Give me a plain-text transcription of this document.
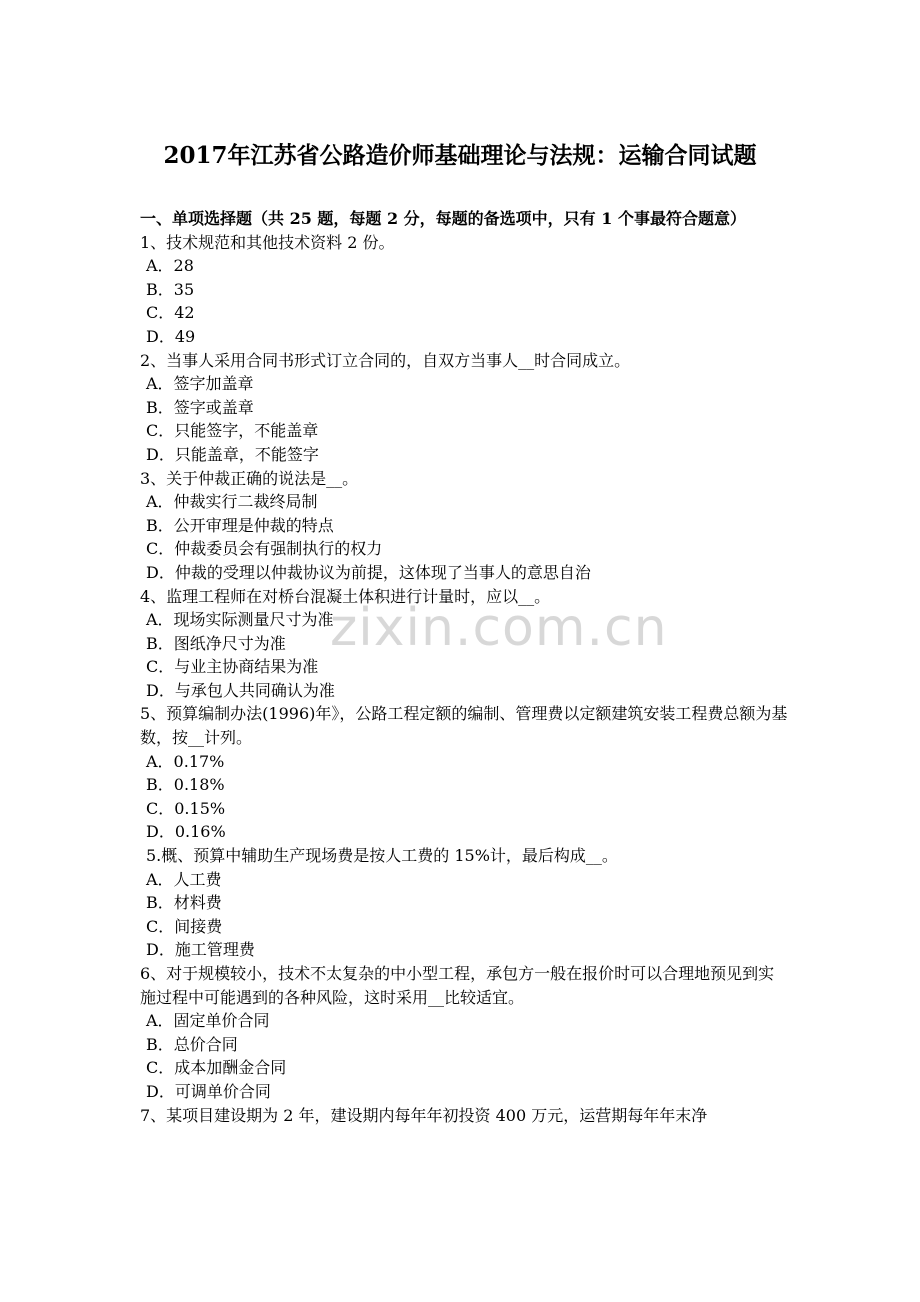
zixin.com.cn
2017年江苏省公路造价师基础理论与法规：运输合同试题
一、单项选择题（共 25 题，每题 2 分，每题的备选项中，只有 1 个事最符合题意）
1、技术规范和其他技术资料 2 份。
A．28
B．35
C．42
D．49
2、当事人采用合同书形式订立合同的，自双方当事人__时合同成立。
A．签字加盖章
B．签字或盖章
C．只能签字，不能盖章
D．只能盖章，不能签字
3、关于仲裁正确的说法是__。
A．仲裁实行二裁终局制
B．公开审理是仲裁的特点
C．仲裁委员会有强制执行的权力
D．仲裁的受理以仲裁协议为前提，这体现了当事人的意思自治
4、监理工程师在对桥台混凝土体积进行计量时，应以__。
A．现场实际测量尺寸为准
B．图纸净尺寸为准
C．与业主协商结果为准
D．与承包人共同确认为准
5、预算编制办法(1996)年》，公路工程定额的编制、管理费以定额建筑安装工程费总额为基数，按__计列。
A．0.17%
B．0.18%
C．0.15%
D．0.16%
5.概、预算中辅助生产现场费是按人工费的 15%计，最后构成__。
A．人工费
B．材料费
C．间接费
D．施工管理费
6、对于规模较小，技术不太复杂的中小型工程，承包方一般在报价时可以合理地预见到实施过程中可能遇到的各种风险，这时采用__比较适宜。
A．固定单价合同
B．总价合同
C．成本加酬金合同
D．可调单价合同
7、某项目建设期为 2 年，建设期内每年年初投资 400 万元，运营期每年年末净
